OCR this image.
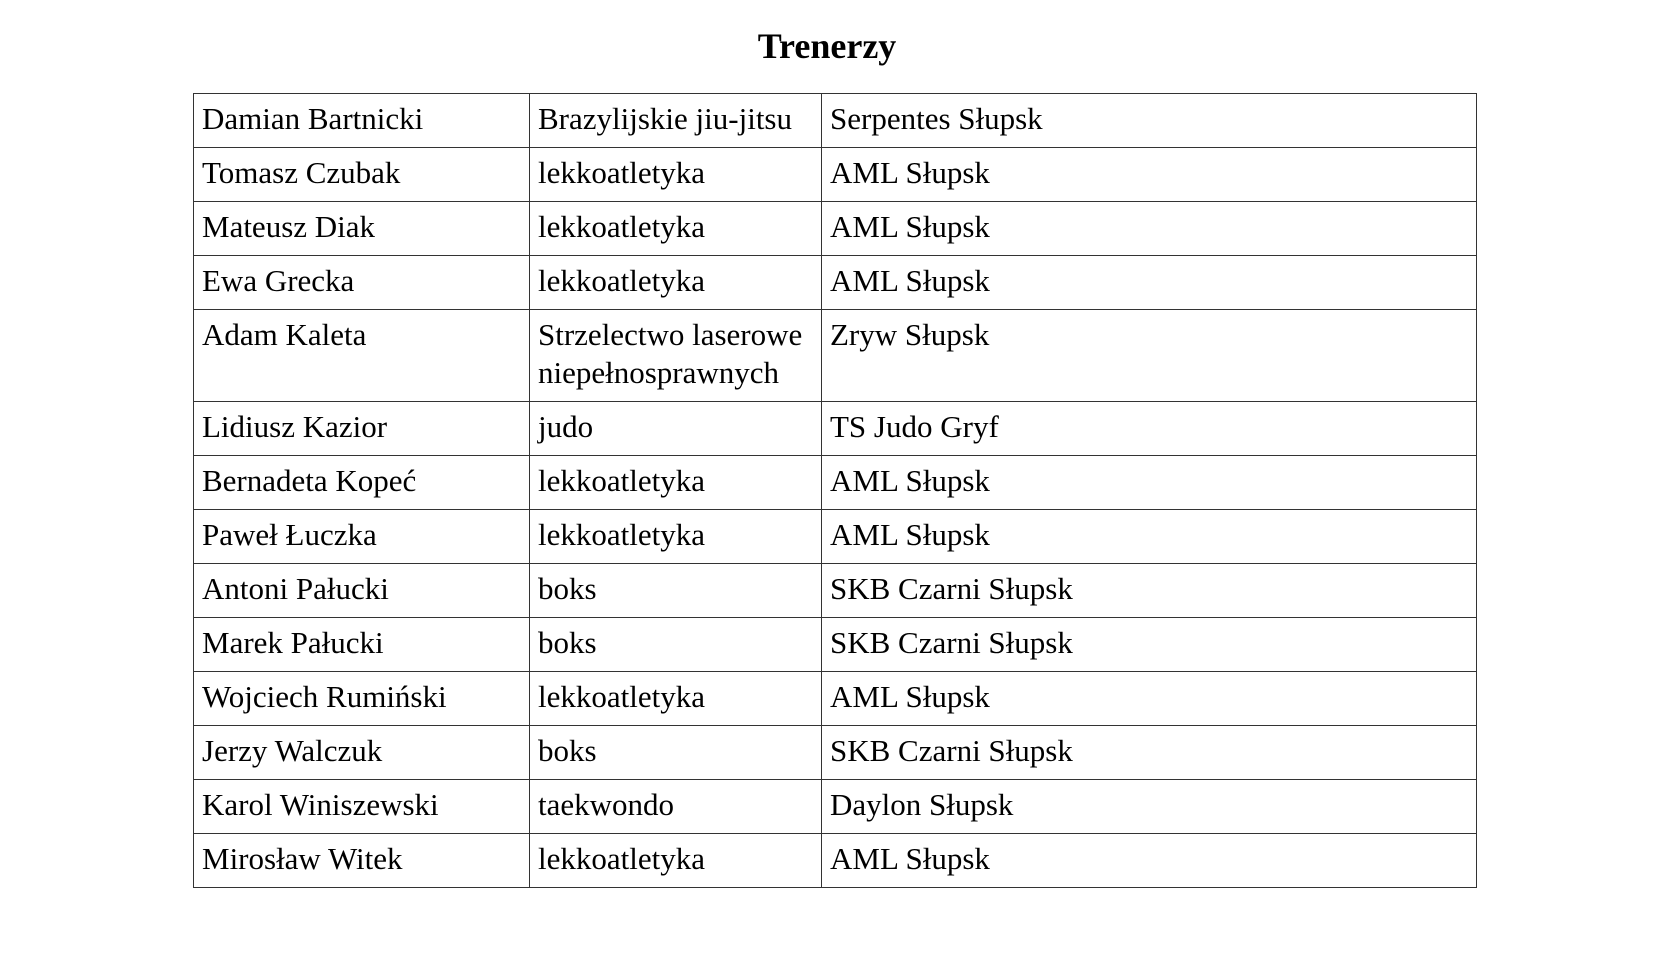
Trenerzy
Damian Bartnicki	Brazylijskie jiu-jitsu	Serpentes Słupsk
Tomasz Czubak	lekkoatletyka	AML Słupsk
Mateusz Diak	lekkoatletyka	AML Słupsk
Ewa Grecka	lekkoatletyka	AML Słupsk
Adam Kaleta	Strzelectwo laserowe niepełnosprawnych	Zryw Słupsk
Lidiusz Kazior	judo	TS Judo Gryf
Bernadeta Kopeć	lekkoatletyka	AML Słupsk
Paweł Łuczka	lekkoatletyka	AML Słupsk
Antoni Pałucki	boks	SKB Czarni Słupsk
Marek Pałucki	boks	SKB Czarni Słupsk
Wojciech Rumiński	lekkoatletyka	AML Słupsk
Jerzy Walczuk	boks	SKB Czarni Słupsk
Karol Winiszewski	taekwondo	Daylon Słupsk
Mirosław Witek	lekkoatletyka	AML Słupsk
